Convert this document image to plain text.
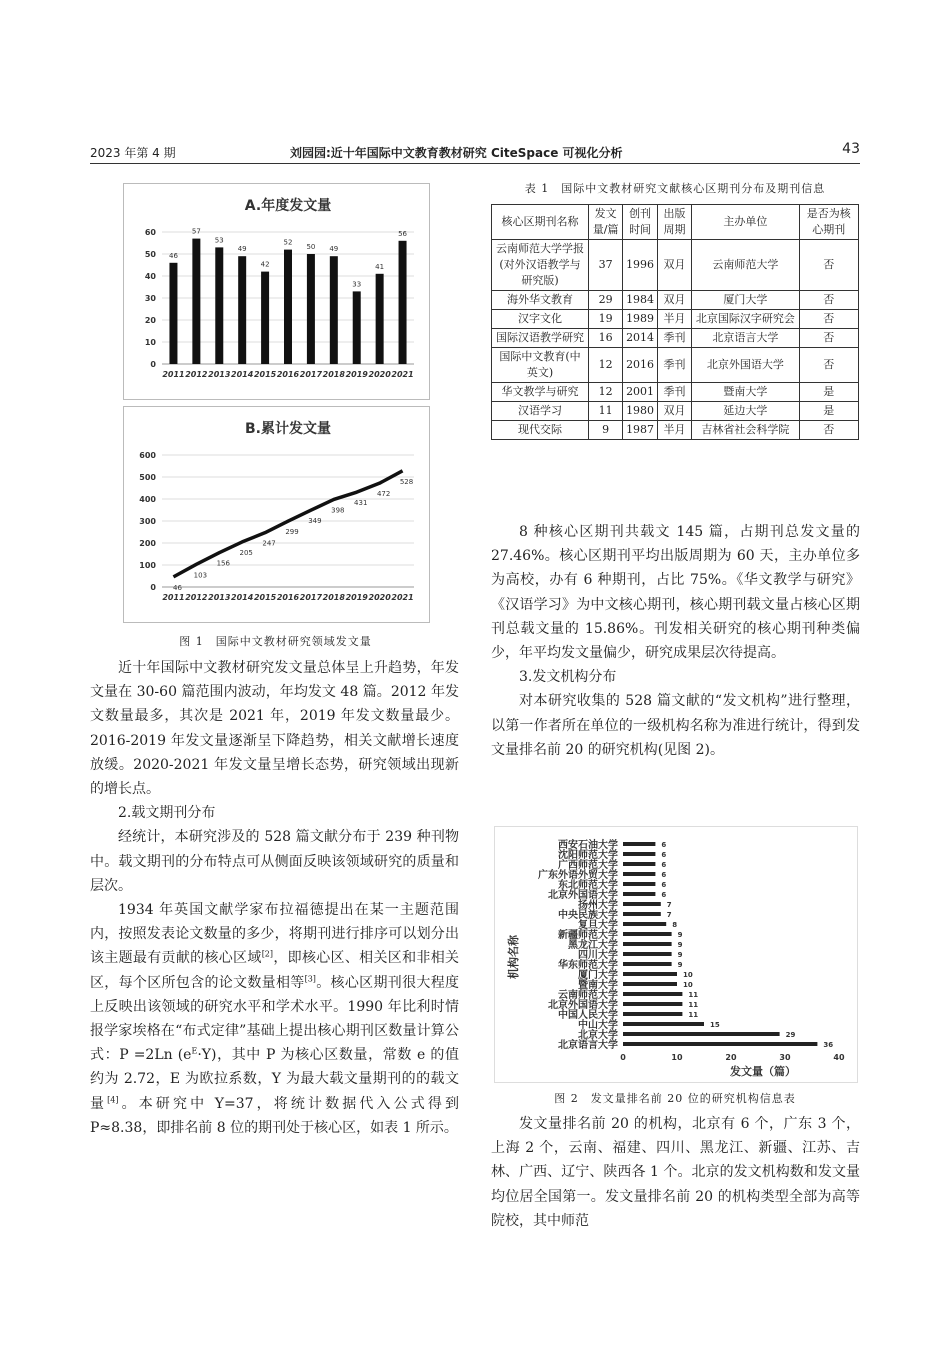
2023 年第 4 期	刘园园:近十年国际中文教育教材研究 CiteSpace 可视化分析	43
A.年度发文量
0
10
20
30
40
50
60
2011
46
2012
57
2013
53
2014
49
2015
42
2016
52
2017
50
2018
49
2019
33
2020
41
2021
56
B.累计发文量
0
100
200
300
400
500
600
2011 2012 2013 2014 2015 2016 2017 2018 2019 2020 2021
46
103
156
205
247
299
349
398
431
472
528
图 1　国际中文教材研究领域发文量

近十年国际中文教材研究发文量总体呈上升趋势，年发文量在 30-60 篇范围内波动，年均发文 48 篇。2012 年发文数量最多，其次是 2021 年，2019 年发文数量最少。2016-2019 年发文量逐渐呈下降趋势，相关文献增长速度放缓。2020-2021 年发文量呈增长态势，研究领域出现新的增长点。

2.载文期刊分布

经统计，本研究涉及的 528 篇文献分布于 239 种刊物中。载文期刊的分布特点可从侧面反映该领域研究的质量和层次。

1934 年英国文献学家布拉福德提出在某一主题范围内，按照发表论文数量的多少，将期刊进行排序可以划分出该主题最有贡献的核心区域[2]，即核心区、相关区和非相关区，每个区所包含的论文数量相等[3]。核心区期刊很大程度上反映出该领域的研究水平和学术水平。1990 年比利时情报学家埃格在“布式定律”基础上提出核心期刊区数量计算公式：P =2Ln $(e^E\cdot Y)$，其中 P 为核心区数量，常数 e 的值约为 2.72，E 为欧拉系数，Y 为最大载文量期刊的的载文量[4]。本研究中 Y=37，将统计数据代入公式得到 P≈8.38，即排名前 8 位的期刊处于核心区，如表 1 所示。

表 1　国际中文教材研究文献核心区期刊分布及期刊信息
核心区期刊名称	发文量/篇	创刊时间	出版周期	主办单位	是否为核心期刊
云南师范大学学报(对外汉语教学与研究版)	37	1996	双月	云南师范大学	否
海外华文教育	29	1984	双月	厦门大学	否
汉字文化	19	1989	半月	北京国际汉字研究会	否
国际汉语教学研究	16	2014	季刊	北京语言大学	否
国际中文教育(中英文)	12	2016	季刊	北京外国语大学	否
华文教学与研究	12	2001	季刊	暨南大学	是
汉语学习	11	1980	双月	延边大学	是
现代交际	9	1987	半月	吉林省社会科学院	否

8 种核心区期刊共载文 145 篇，占期刊总发文量的 27.46%。核心区期刊平均出版周期为 60 天，主办单位多为高校，办有 6 种期刊，占比 75%。《华文教学与研究》《汉语学习》为中文核心期刊，核心期刊载文量占核心区期刊总载文量的 15.86%。刊发相关研究的核心期刊种类偏少，年平均发文量偏少，研究成果层次待提高。

3.发文机构分布

对本研究收集的 528 篇文献的“发文机构”进行整理，以第一作者所在单位的一级机构名称为准进行统计，得到发文量排名前 20 的研究机构(见图 2)。

西安石油大学	6
沈阳师范大学	6
广西师范大学	6
广东外语外贸大学	6
东北师范大学	6
北京外国语大学	6
扬州大学	7
中央民族大学	7
复旦大学	8
新疆师范大学	9
黑龙江大学	9
四川大学	9
华东师范大学	9
厦门大学	10
暨南大学	10
云南师范大学	11
北京外国语大学	11
中国人民大学	11
中山大学	15
北京大学	29
北京语言大学	36
0	10	20	30	40
发文量（篇）
机构名称
图 2　发文量排名前 20 位的研究机构信息表

发文量排名前 20 的机构，北京有 6 个，广东 3 个，上海 2 个，云南、福建、四川、黑龙江、新疆、江苏、吉林、广西、辽宁、陕西各 1 个。北京的发文机构数和发文量均位居全国第一。发文量排名前 20 的机构类型全部为高等院校，其中师范
